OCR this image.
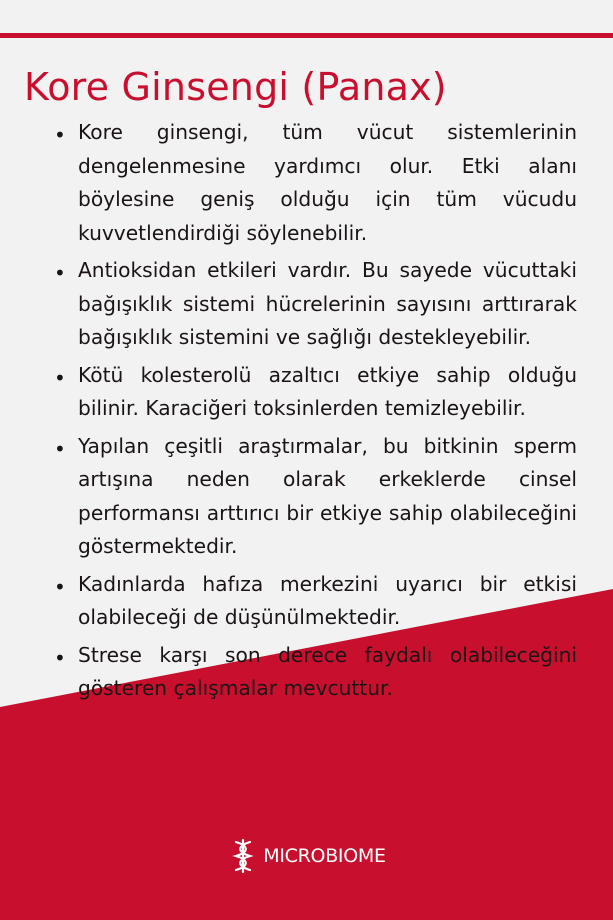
Kore Ginsengi (Panax)
• Kore ginsengi, tüm vücut sistemlerinin dengelenmesine yardımcı olur. Etki alanı böylesine geniş olduğu için tüm vücudu kuvvetlendirdiği söylenebilir.
• Antioksidan etkileri vardır. Bu sayede vücuttaki bağışıklık sistemi hücrelerinin sayısını arttırarak bağışıklık sistemini ve sağlığı destekleyebilir.
• Kötü kolesterolü azaltıcı etkiye sahip olduğu bilinir. Karaciğeri toksinlerden temizleyebilir.
• Yapılan çeşitli araştırmalar, bu bitkinin sperm artışına neden olarak erkeklerde cinsel performansı arttırıcı bir etkiye sahip olabileceğini göstermektedir.
• Kadınlarda hafıza merkezini uyarıcı bir etkisi olabileceği de düşünülmektedir.
• Strese karşı son derece faydalı olabileceğini gösteren çalışmalar mevcuttur.
MICROBIOME
